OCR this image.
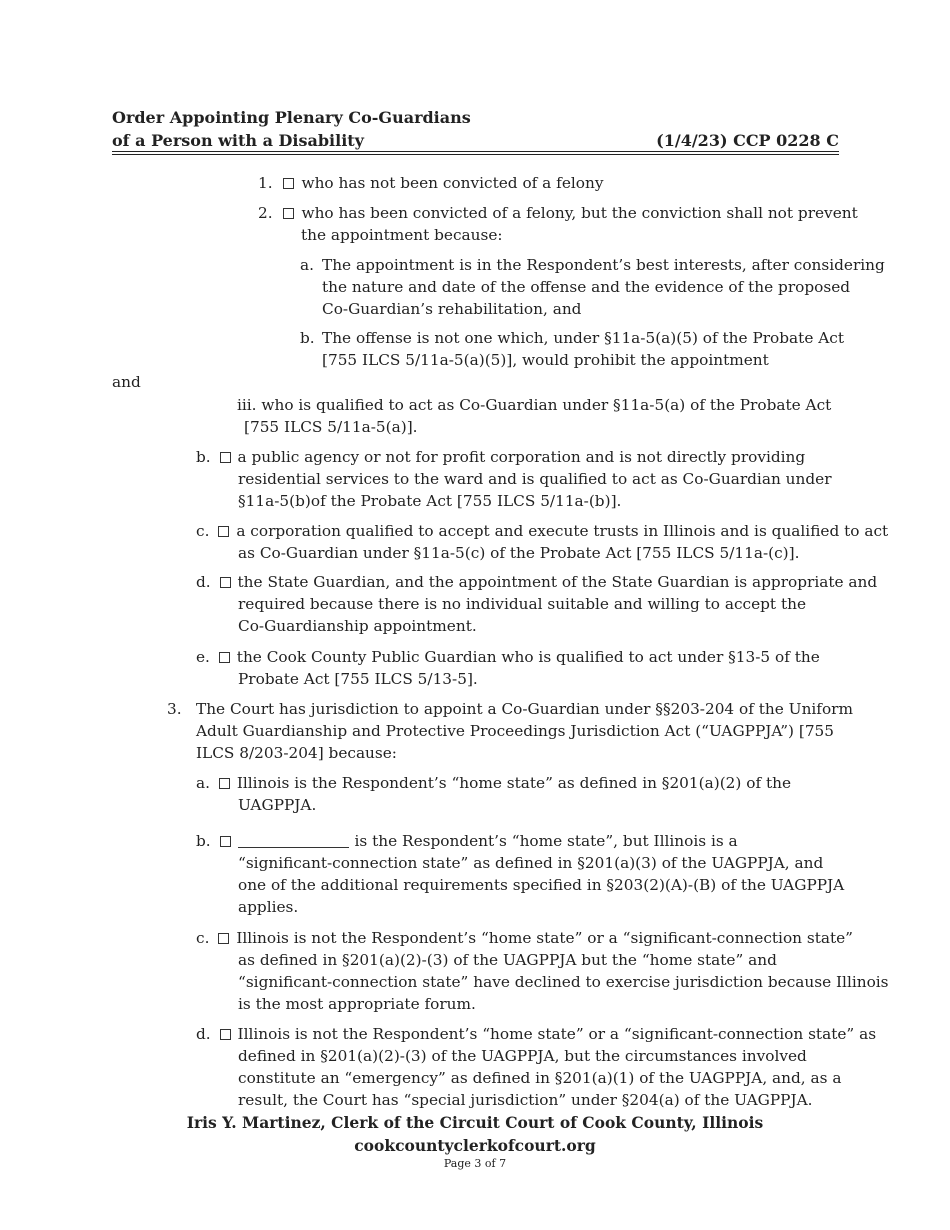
Order Appointing Plenary Co-Guardians
of a Person with a Disability	(1/4/23) CCP 0228 C
1. who has not been convicted of a felony
2. who has been convicted of a felony, but the conviction shall not prevent
the appointment because:
a. The appointment is in the Respondent’s best interests, after considering
the nature and date of the offense and the evidence of the proposed
Co-Guardian’s rehabilitation, and
b. The offense is not one which, under §11a-5(a)(5) of the Probate Act
[755 ILCS 5/11a-5(a)(5)], would prohibit the appointment
and
iii. who is qualified to act as Co-Guardian under §11a-5(a) of the Probate Act
[755 ILCS 5/11a-5(a)].
b. a public agency or not for profit corporation and is not directly providing
residential services to the ward and is qualified to act as Co-Guardian under
§11a-5(b)of the Probate Act [755 ILCS 5/11a-(b)].
c. a corporation qualified to accept and execute trusts in Illinois and is qualified to act
as Co-Guardian under §11a-5(c) of the Probate Act [755 ILCS 5/11a-(c)].
d. the State Guardian, and the appointment of the State Guardian is appropriate and
required because there is no individual suitable and willing to accept the
Co-Guardianship appointment.
e. the Cook County Public Guardian who is qualified to act under §13-5 of the
Probate Act [755 ILCS 5/13-5].
3. The Court has jurisdiction to appoint a Co-Guardian under §§203-204 of the Uniform
Adult Guardianship and Protective Proceedings Jurisdiction Act (“UAGPPJA”) [755
ILCS 8/203-204] because:
a. Illinois is the Respondent’s “home state” as defined in §201(a)(2) of the
UAGPPJA.
b.	is the Respondent’s “home state”, but Illinois is a
“significant-connection state” as defined in §201(a)(3) of the UAGPPJA, and
one of the additional requirements specified in §203(2)(A)-(B) of the UAGPPJA
applies.
c. Illinois is not the Respondent’s “home state” or a “significant-connection state”
as defined in §201(a)(2)-(3) of the UAGPPJA but the “home state” and
“significant-connection state” have declined to exercise jurisdiction because Illinois
is the most appropriate forum.
d. Illinois is not the Respondent’s “home state” or a “significant-connection state” as
defined in §201(a)(2)-(3) of the UAGPPJA, but the circumstances involved
constitute an “emergency” as defined in §201(a)(1) of the UAGPPJA, and, as a
result, the Court has “special jurisdiction” under §204(a) of the UAGPPJA.
Iris Y. Martinez, Clerk of the Circuit Court of Cook County, Illinois
cookcountyclerkofcourt.org
Page 3 of 7
